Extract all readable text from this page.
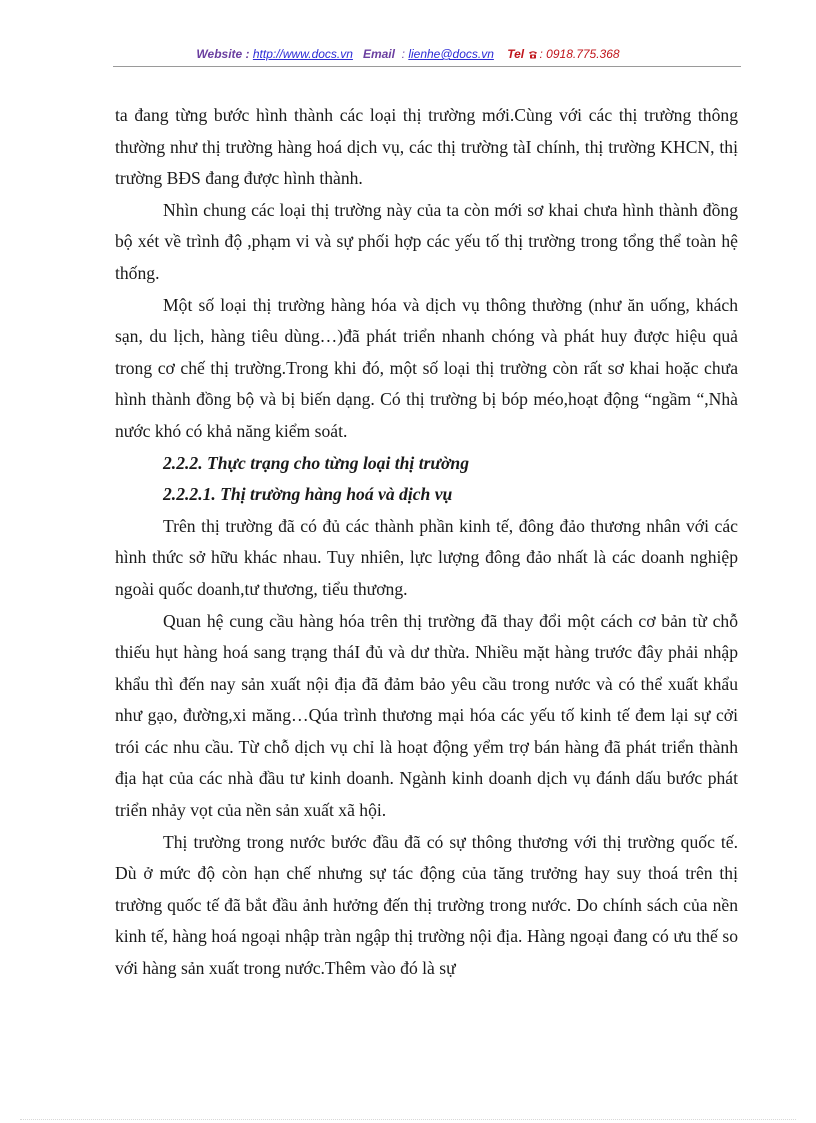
Website : http://www.docs.vn Email : lienhe@docs.vn Tel : 0918.775.368

ta đang từng bước hình thành các loại thị trường mới.Cùng với các thị trường thông thường như thị trường hàng hoá dịch vụ, các thị trường tàI chính, thị trường KHCN, thị trường BĐS đang được hình thành.

Nhìn chung các loại thị trường này của ta còn mới sơ khai chưa hình thành đồng bộ xét về trình độ ,phạm vi và sự phối hợp các yếu tố thị trường trong tổng thể toàn hệ thống.

Một số loại thị trường hàng hóa và dịch vụ thông thường (như ăn uống, khách sạn, du lịch, hàng tiêu dùng…)đã phát triển nhanh chóng và phát huy được hiệu quả trong cơ chế thị trường.Trong khi đó, một số loại thị trường còn rất sơ khai hoặc chưa hình thành đồng bộ và bị biến dạng. Có thị trường bị bóp méo,hoạt động “ngầm “,Nhà nước khó có khả năng kiểm soát.

2.2.2. Thực trạng cho từng loại thị trường

2.2.2.1. Thị trường hàng hoá và dịch vụ

Trên thị trường đã có đủ các thành phần kinh tế, đông đảo thương nhân với các hình thức sở hữu khác nhau. Tuy nhiên, lực lượng đông đảo nhất là các doanh nghiệp ngoài quốc doanh,tư thương, tiểu thương.

Quan hệ cung cầu hàng hóa trên thị trường đã thay đổi một cách cơ bản từ chỗ thiếu hụt hàng hoá sang trạng tháI đủ và dư thừa. Nhiều mặt hàng trước đây phải nhập khẩu thì đến nay sản xuất nội địa đã đảm bảo yêu cầu trong nước và có thể xuất khẩu như gạo, đường,xi măng…Qúa trình thương mại hóa các yếu tố kinh tế đem lại sự cởi trói các nhu cầu. Từ chỗ dịch vụ chỉ là hoạt động yểm trợ bán hàng đã phát triển thành địa hạt của các nhà đầu tư kinh doanh. Ngành kinh doanh dịch vụ đánh dấu bước phát triển nhảy vọt của nền sản xuất xã hội.

Thị trường trong nước bước đầu đã có sự thông thương với thị trường quốc tế. Dù ở mức độ còn hạn chế nhưng sự tác động của tăng trưởng hay suy thoá trên thị trường quốc tế đã bắt đầu ảnh hưởng đến thị trường trong nước. Do chính sách của nền kinh tế, hàng hoá ngoại nhập tràn ngập thị trường nội địa. Hàng ngoại đang có ưu thế so với hàng sản xuất trong nước.Thêm vào đó là sự
